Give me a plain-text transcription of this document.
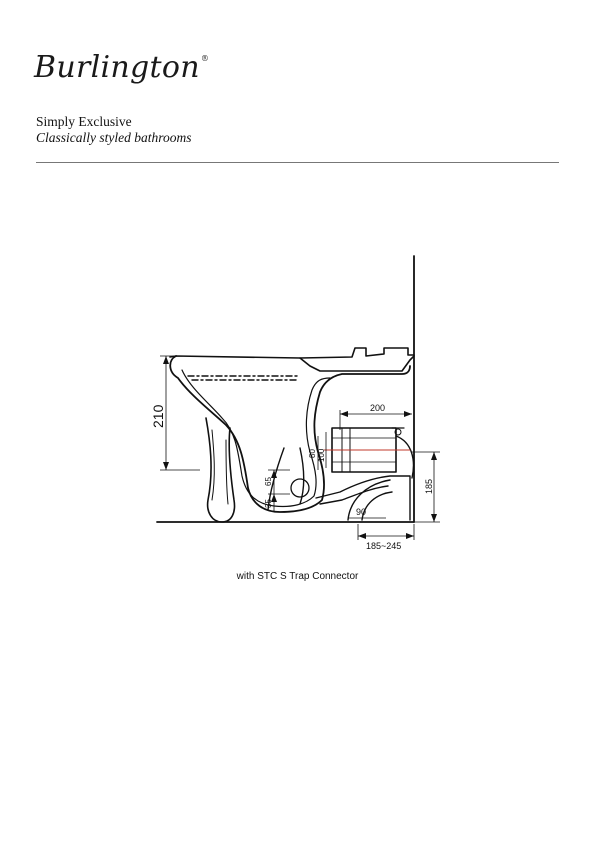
Burlington®
Simply Exclusive
Classically styled bathrooms
210	200
80 100
65
35
185
90
185~245
with STC S Trap Connector
